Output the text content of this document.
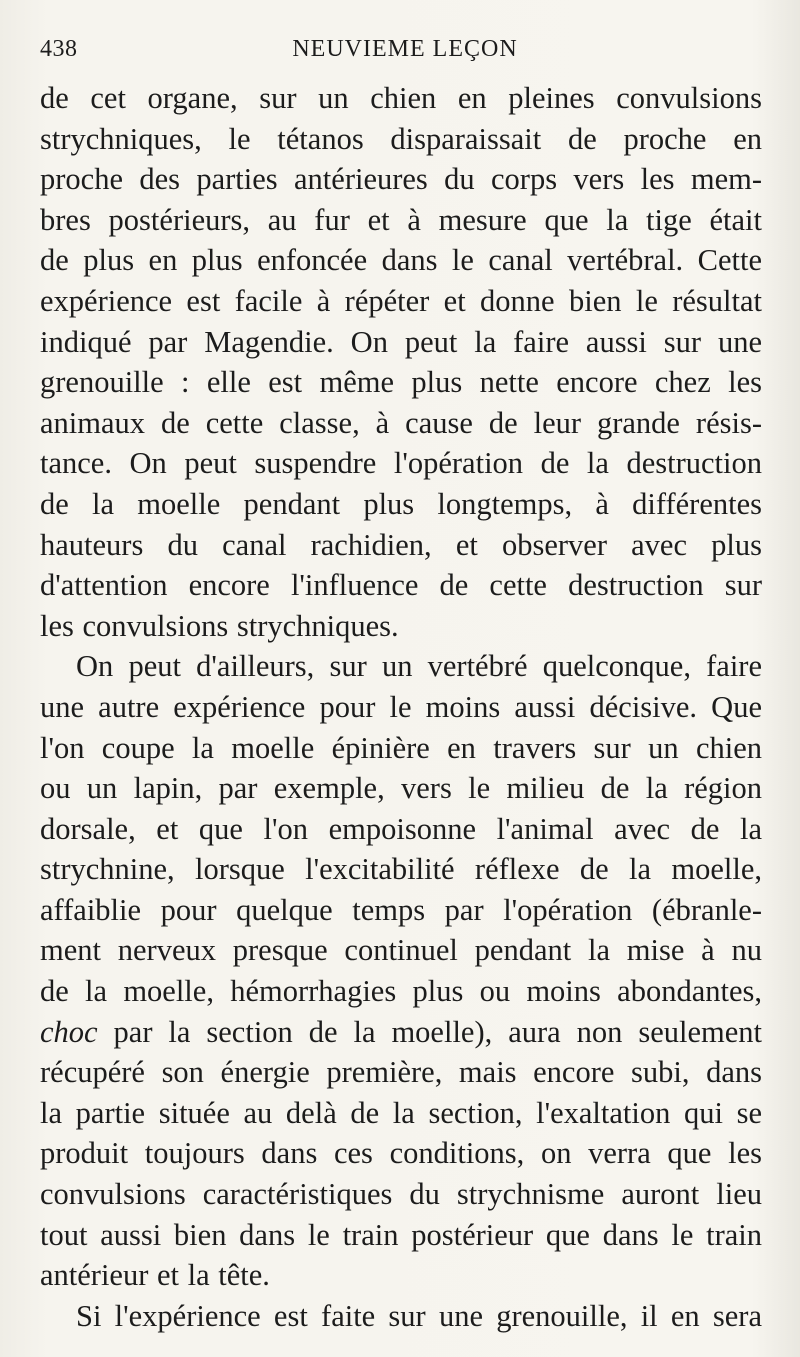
438	NEUVIEME LEÇON
de cet organe, sur un chien en pleines convulsions
strychniques, le tétanos disparaissait de proche en
proche des parties antérieures du corps vers les mem-
bres postérieurs, au fur et à mesure que la tige était
de plus en plus enfoncée dans le canal vertébral. Cette
expérience est facile à répéter et donne bien le résultat
indiqué par Magendie. On peut la faire aussi sur une
grenouille : elle est même plus nette encore chez les
animaux de cette classe, à cause de leur grande résis-
tance. On peut suspendre l'opération de la destruction
de la moelle pendant plus longtemps, à différentes
hauteurs du canal rachidien, et observer avec plus
d'attention encore l'influence de cette destruction sur
les convulsions strychniques.
On peut d'ailleurs, sur un vertébré quelconque, faire
une autre expérience pour le moins aussi décisive. Que
l'on coupe la moelle épinière en travers sur un chien
ou un lapin, par exemple, vers le milieu de la région
dorsale, et que l'on empoisonne l'animal avec de la
strychnine, lorsque l'excitabilité réflexe de la moelle,
affaiblie pour quelque temps par l'opération (ébranle-
ment nerveux presque continuel pendant la mise à nu
de la moelle, hémorrhagies plus ou moins abondantes,
choc par la section de la moelle), aura non seulement
récupéré son énergie première, mais encore subi, dans
la partie située au delà de la section, l'exaltation qui se
produit toujours dans ces conditions, on verra que les
convulsions caractéristiques du strychnisme auront lieu
tout aussi bien dans le train postérieur que dans le train
antérieur et la tête.
Si l'expérience est faite sur une grenouille, il en sera
